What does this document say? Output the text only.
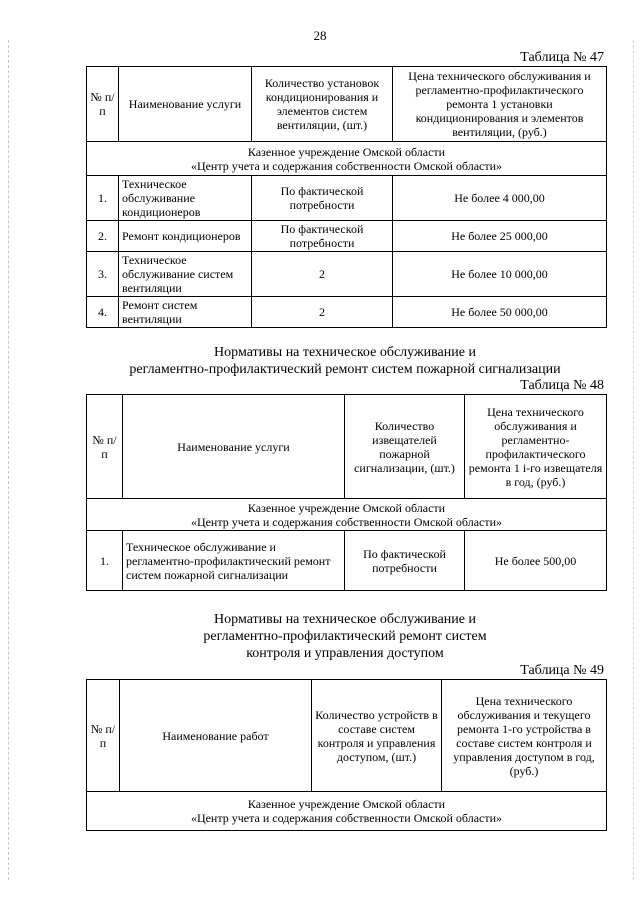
28
Таблица № 47
№ п/п	Наименование услуги	Количество установок кондиционирования и элементов систем вентиляции, (шт.)	Цена технического обслуживания и регламентно-профилактического ремонта 1 установки кондиционирования и элементов вентиляции, (руб.)

Казенное учреждение Омской области
«Центр учета и содержания собственности Омской области»			

1.	Техническое обслуживание кондиционеров	По фактической потребности	Не более 4 000,00
2.	Ремонт кондиционеров	По фактической потребности	Не более 25 000,00
3.	Техническое обслуживание систем вентиляции	2	Не более 10 000,00
4.	Ремонт систем вентиляции	2	Не более 50 000,00
Нормативы на техническое обслуживание и
регламентно-профилактический ремонт систем пожарной сигнализации
Таблица № 48
№ п/п	Наименование услуги	Количество извещателей пожарной сигнализации, (шт.)	Цена технического обслуживания и регламентно-профилактического ремонта 1 i-го извещателя в год, (руб.)

Казенное учреждение Омской области
«Центр учета и содержания собственности Омской области»			

1.	Техническое обслуживание и регламентно-профилактический ремонт систем пожарной сигнализации	По фактической потребности	Не более 500,00
Нормативы на техническое обслуживание и
регламентно-профилактический ремонт систем
контроля и управления доступом
Таблица № 49
№ п/п	Наименование работ	Количество устройств в составе систем контроля и управления доступом, (шт.)	Цена технического обслуживания и текущего ремонта 1-го устройства в составе систем контроля и управления доступом в год, (руб.)

Казенное учреждение Омской области
«Центр учета и содержания собственности Омской области»
